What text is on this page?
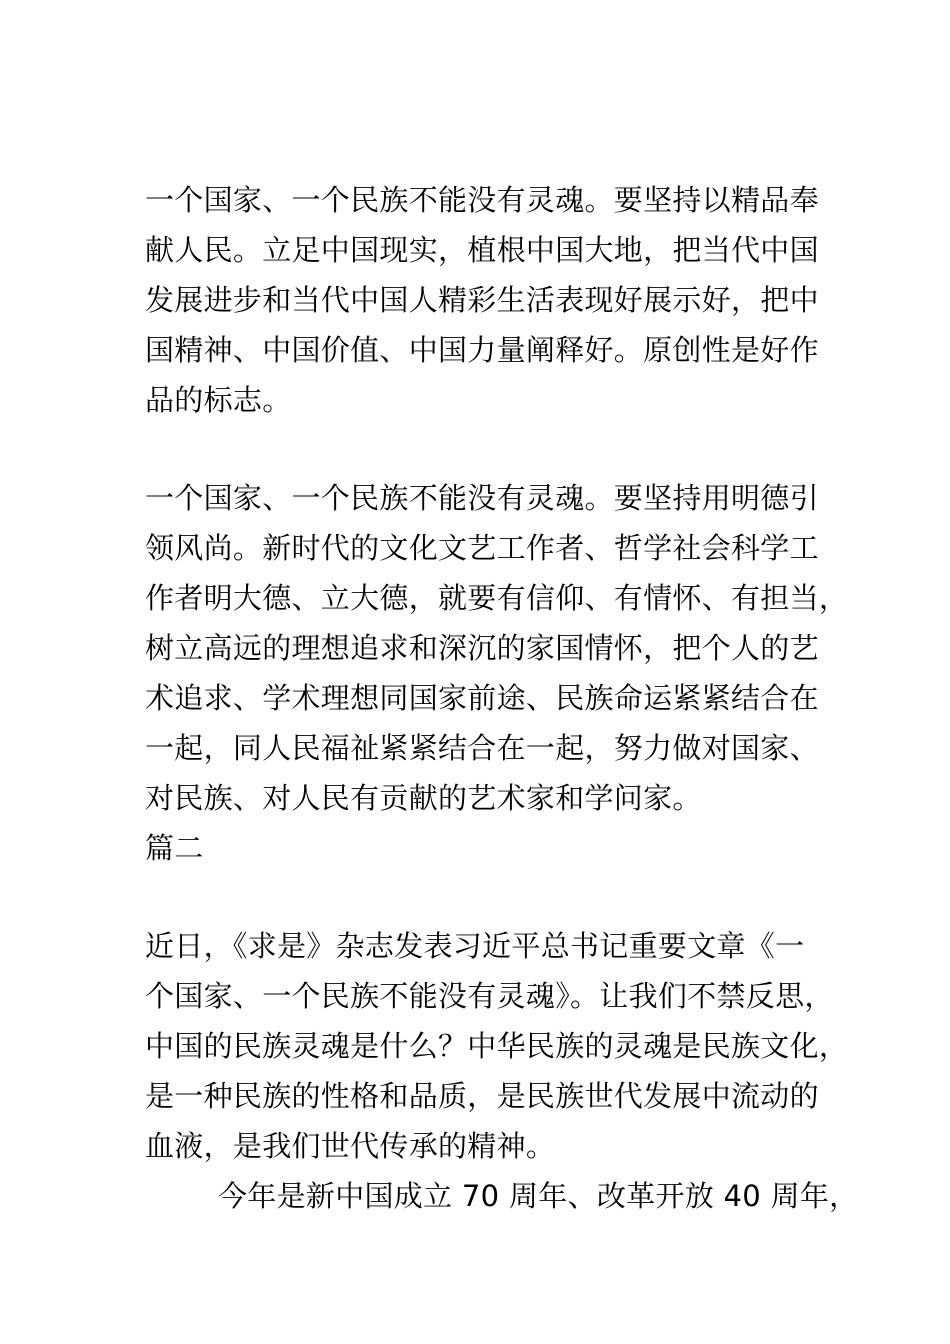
一个国家、一个民族不能没有灵魂。要坚持以精品奉
献人民。立足中国现实，植根中国大地，把当代中国
发展进步和当代中国人精彩生活表现好展示好，把中
国精神、中国价值、中国力量阐释好。原创性是好作
品的标志。
一个国家、一个民族不能没有灵魂。要坚持用明德引
领风尚。新时代的文化文艺工作者、哲学社会科学工
作者明大德、立大德，就要有信仰、有情怀、有担当，
树立高远的理想追求和深沉的家国情怀，把个人的艺
术追求、学术理想同国家前途、民族命运紧紧结合在
一起，同人民福祉紧紧结合在一起，努力做对国家、
对民族、对人民有贡献的艺术家和学问家。
篇二
近日，《求是》杂志发表习近平总书记重要文章《一
个国家、一个民族不能没有灵魂》。让我们不禁反思，
中国的民族灵魂是什么？中华民族的灵魂是民族文化，
是一种民族的性格和品质，是民族世代发展中流动的
血液，是我们世代传承的精神。
今年是新中国成立 70 周年、改革开放 40 周年，
